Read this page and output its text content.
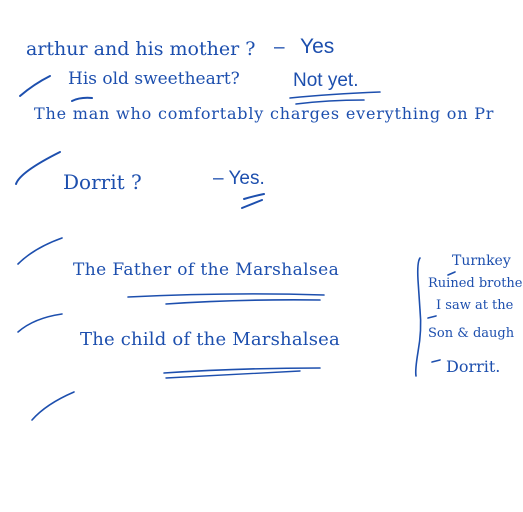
arthur and his mother ? – Yes
His old sweetheart?	Not yet.
The man who comfortably charges everything on Pr
Dorrit ?	– Yes.
The Father of the Marshalsea
The child of the Marshalsea
Turnkey
Ruined brothe
I saw at the
Son & daugh
Dorrit.
